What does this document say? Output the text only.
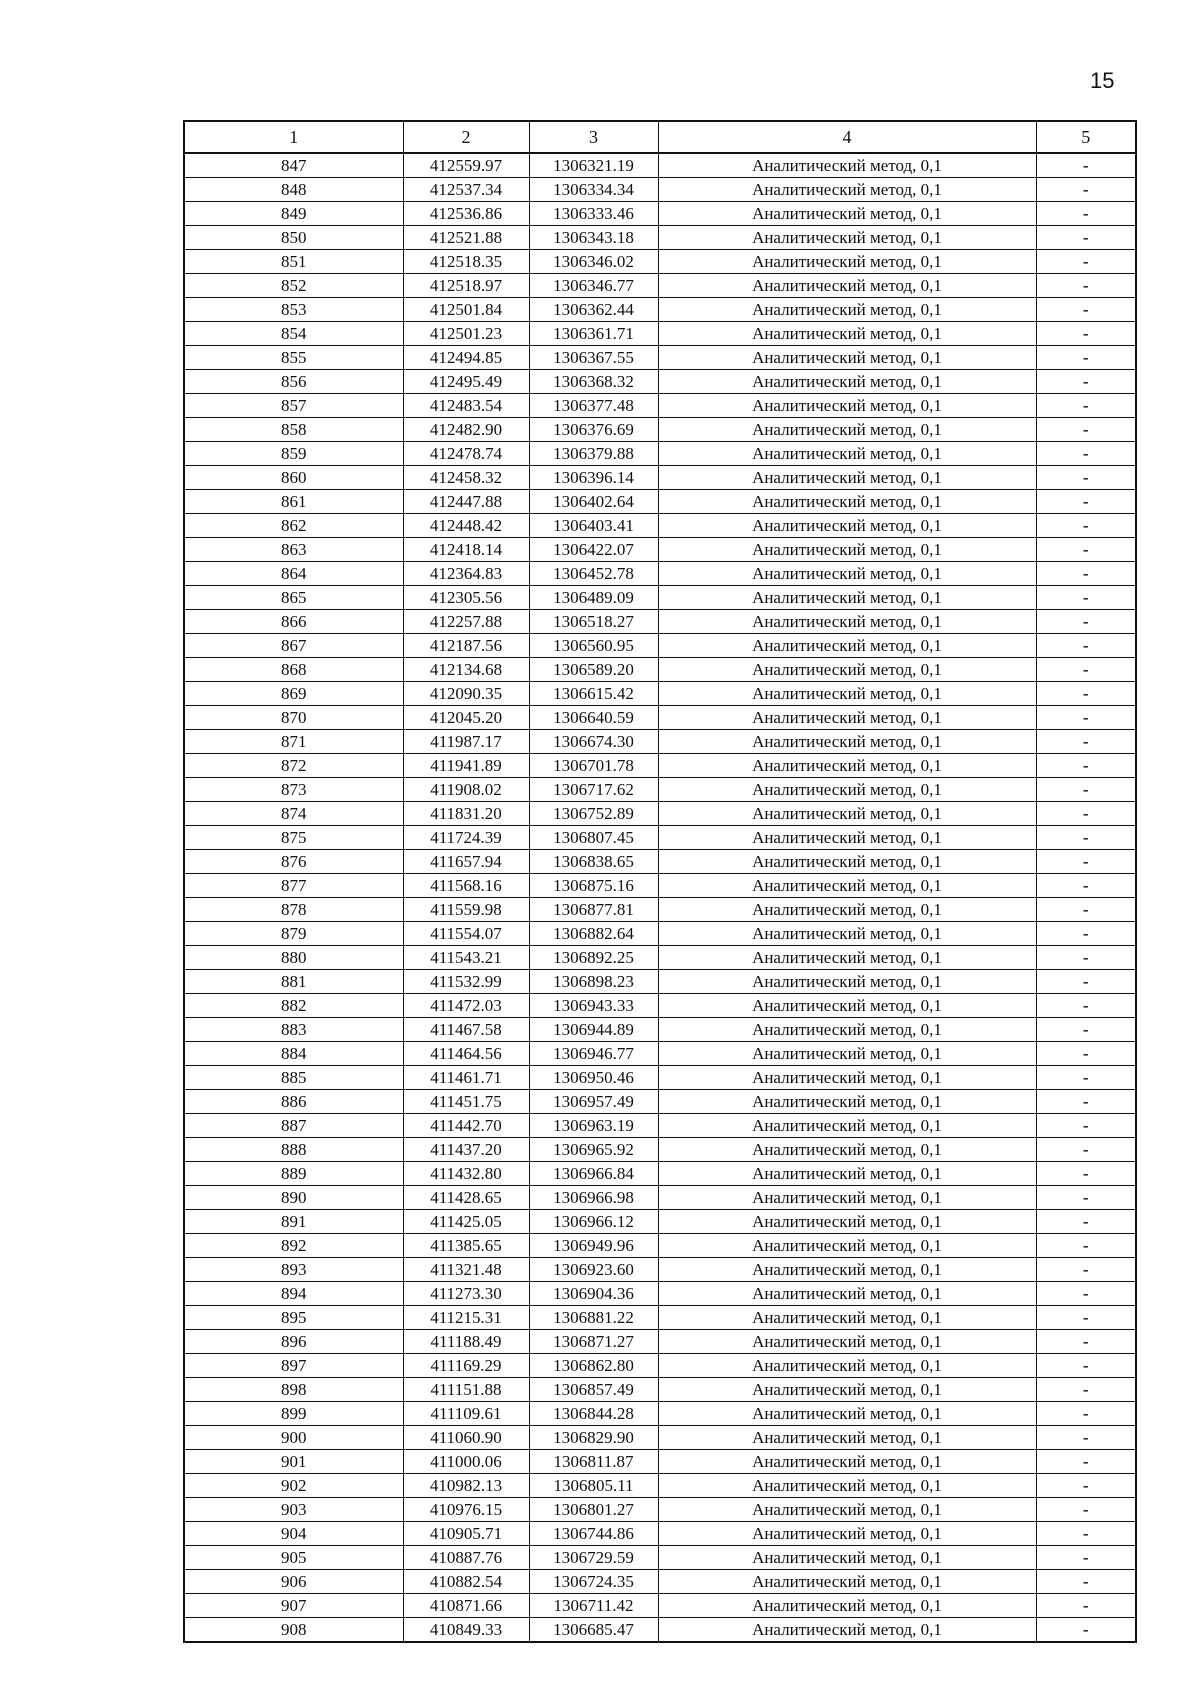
15
1	2	3	4	5
847	412559.97	1306321.19	Аналитический метод, 0,1	-
848	412537.34	1306334.34	Аналитический метод, 0,1	-
849	412536.86	1306333.46	Аналитический метод, 0,1	-
850	412521.88	1306343.18	Аналитический метод, 0,1	-
851	412518.35	1306346.02	Аналитический метод, 0,1	-
852	412518.97	1306346.77	Аналитический метод, 0,1	-
853	412501.84	1306362.44	Аналитический метод, 0,1	-
854	412501.23	1306361.71	Аналитический метод, 0,1	-
855	412494.85	1306367.55	Аналитический метод, 0,1	-
856	412495.49	1306368.32	Аналитический метод, 0,1	-
857	412483.54	1306377.48	Аналитический метод, 0,1	-
858	412482.90	1306376.69	Аналитический метод, 0,1	-
859	412478.74	1306379.88	Аналитический метод, 0,1	-
860	412458.32	1306396.14	Аналитический метод, 0,1	-
861	412447.88	1306402.64	Аналитический метод, 0,1	-
862	412448.42	1306403.41	Аналитический метод, 0,1	-
863	412418.14	1306422.07	Аналитический метод, 0,1	-
864	412364.83	1306452.78	Аналитический метод, 0,1	-
865	412305.56	1306489.09	Аналитический метод, 0,1	-
866	412257.88	1306518.27	Аналитический метод, 0,1	-
867	412187.56	1306560.95	Аналитический метод, 0,1	-
868	412134.68	1306589.20	Аналитический метод, 0,1	-
869	412090.35	1306615.42	Аналитический метод, 0,1	-
870	412045.20	1306640.59	Аналитический метод, 0,1	-
871	411987.17	1306674.30	Аналитический метод, 0,1	-
872	411941.89	1306701.78	Аналитический метод, 0,1	-
873	411908.02	1306717.62	Аналитический метод, 0,1	-
874	411831.20	1306752.89	Аналитический метод, 0,1	-
875	411724.39	1306807.45	Аналитический метод, 0,1	-
876	411657.94	1306838.65	Аналитический метод, 0,1	-
877	411568.16	1306875.16	Аналитический метод, 0,1	-
878	411559.98	1306877.81	Аналитический метод, 0,1	-
879	411554.07	1306882.64	Аналитический метод, 0,1	-
880	411543.21	1306892.25	Аналитический метод, 0,1	-
881	411532.99	1306898.23	Аналитический метод, 0,1	-
882	411472.03	1306943.33	Аналитический метод, 0,1	-
883	411467.58	1306944.89	Аналитический метод, 0,1	-
884	411464.56	1306946.77	Аналитический метод, 0,1	-
885	411461.71	1306950.46	Аналитический метод, 0,1	-
886	411451.75	1306957.49	Аналитический метод, 0,1	-
887	411442.70	1306963.19	Аналитический метод, 0,1	-
888	411437.20	1306965.92	Аналитический метод, 0,1	-
889	411432.80	1306966.84	Аналитический метод, 0,1	-
890	411428.65	1306966.98	Аналитический метод, 0,1	-
891	411425.05	1306966.12	Аналитический метод, 0,1	-
892	411385.65	1306949.96	Аналитический метод, 0,1	-
893	411321.48	1306923.60	Аналитический метод, 0,1	-
894	411273.30	1306904.36	Аналитический метод, 0,1	-
895	411215.31	1306881.22	Аналитический метод, 0,1	-
896	411188.49	1306871.27	Аналитический метод, 0,1	-
897	411169.29	1306862.80	Аналитический метод, 0,1	-
898	411151.88	1306857.49	Аналитический метод, 0,1	-
899	411109.61	1306844.28	Аналитический метод, 0,1	-
900	411060.90	1306829.90	Аналитический метод, 0,1	-
901	411000.06	1306811.87	Аналитический метод, 0,1	-
902	410982.13	1306805.11	Аналитический метод, 0,1	-
903	410976.15	1306801.27	Аналитический метод, 0,1	-
904	410905.71	1306744.86	Аналитический метод, 0,1	-
905	410887.76	1306729.59	Аналитический метод, 0,1	-
906	410882.54	1306724.35	Аналитический метод, 0,1	-
907	410871.66	1306711.42	Аналитический метод, 0,1	-
908	410849.33	1306685.47	Аналитический метод, 0,1	-
